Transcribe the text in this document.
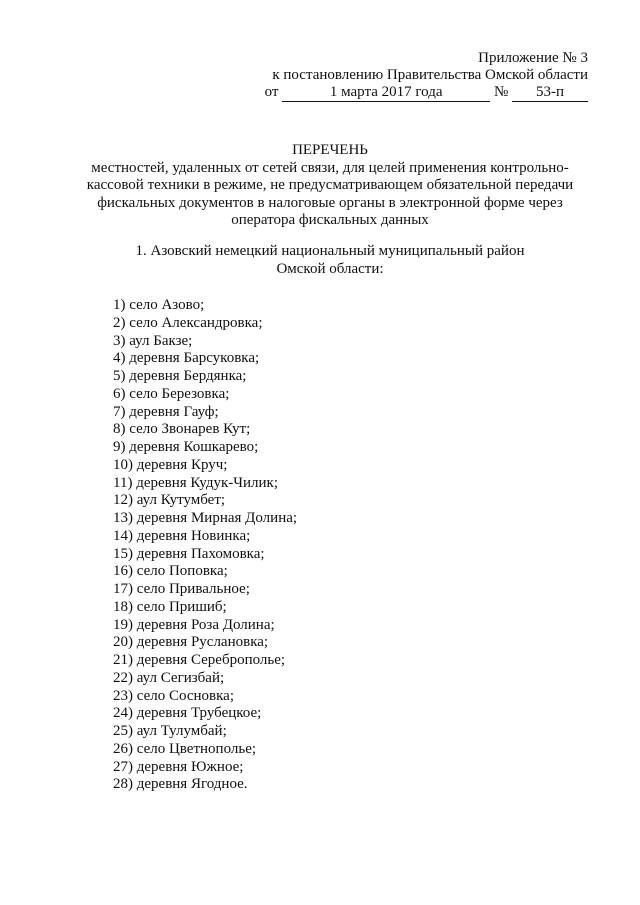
Приложение № 3
к постановлению Правительства Омской области
от	1 марта 2017 года	№ 53-п
ПЕРЕЧЕНЬ
местностей, удаленных от сетей связи, для целей применения контрольно-
кассовой техники в режиме, не предусматривающем обязательной передачи
фискальных документов в налоговые органы в электронной форме через
оператора фискальных данных
1. Азовский немецкий национальный муниципальный район
Омской области:
1) село Азово;
2) село Александровка;
3) аул Бакзе;
4) деревня Барсуковка;
5) деревня Бердянка;
6) село Березовка;
7) деревня Гауф;
8) село Звонарев Кут;
9) деревня Кошкарево;
10) деревня Круч;
11) деревня Кудук-Чилик;
12) аул Кутумбет;
13) деревня Мирная Долина;
14) деревня Новинка;
15) деревня Пахомовка;
16) село Поповка;
17) село Привальное;
18) село Пришиб;
19) деревня Роза Долина;
20) деревня Руслановка;
21) деревня Сереброполье;
22) аул Сегизбай;
23) село Сосновка;
24) деревня Трубецкое;
25) аул Тулумбай;
26) село Цветнополье;
27) деревня Южное;
28) деревня Ягодное.
